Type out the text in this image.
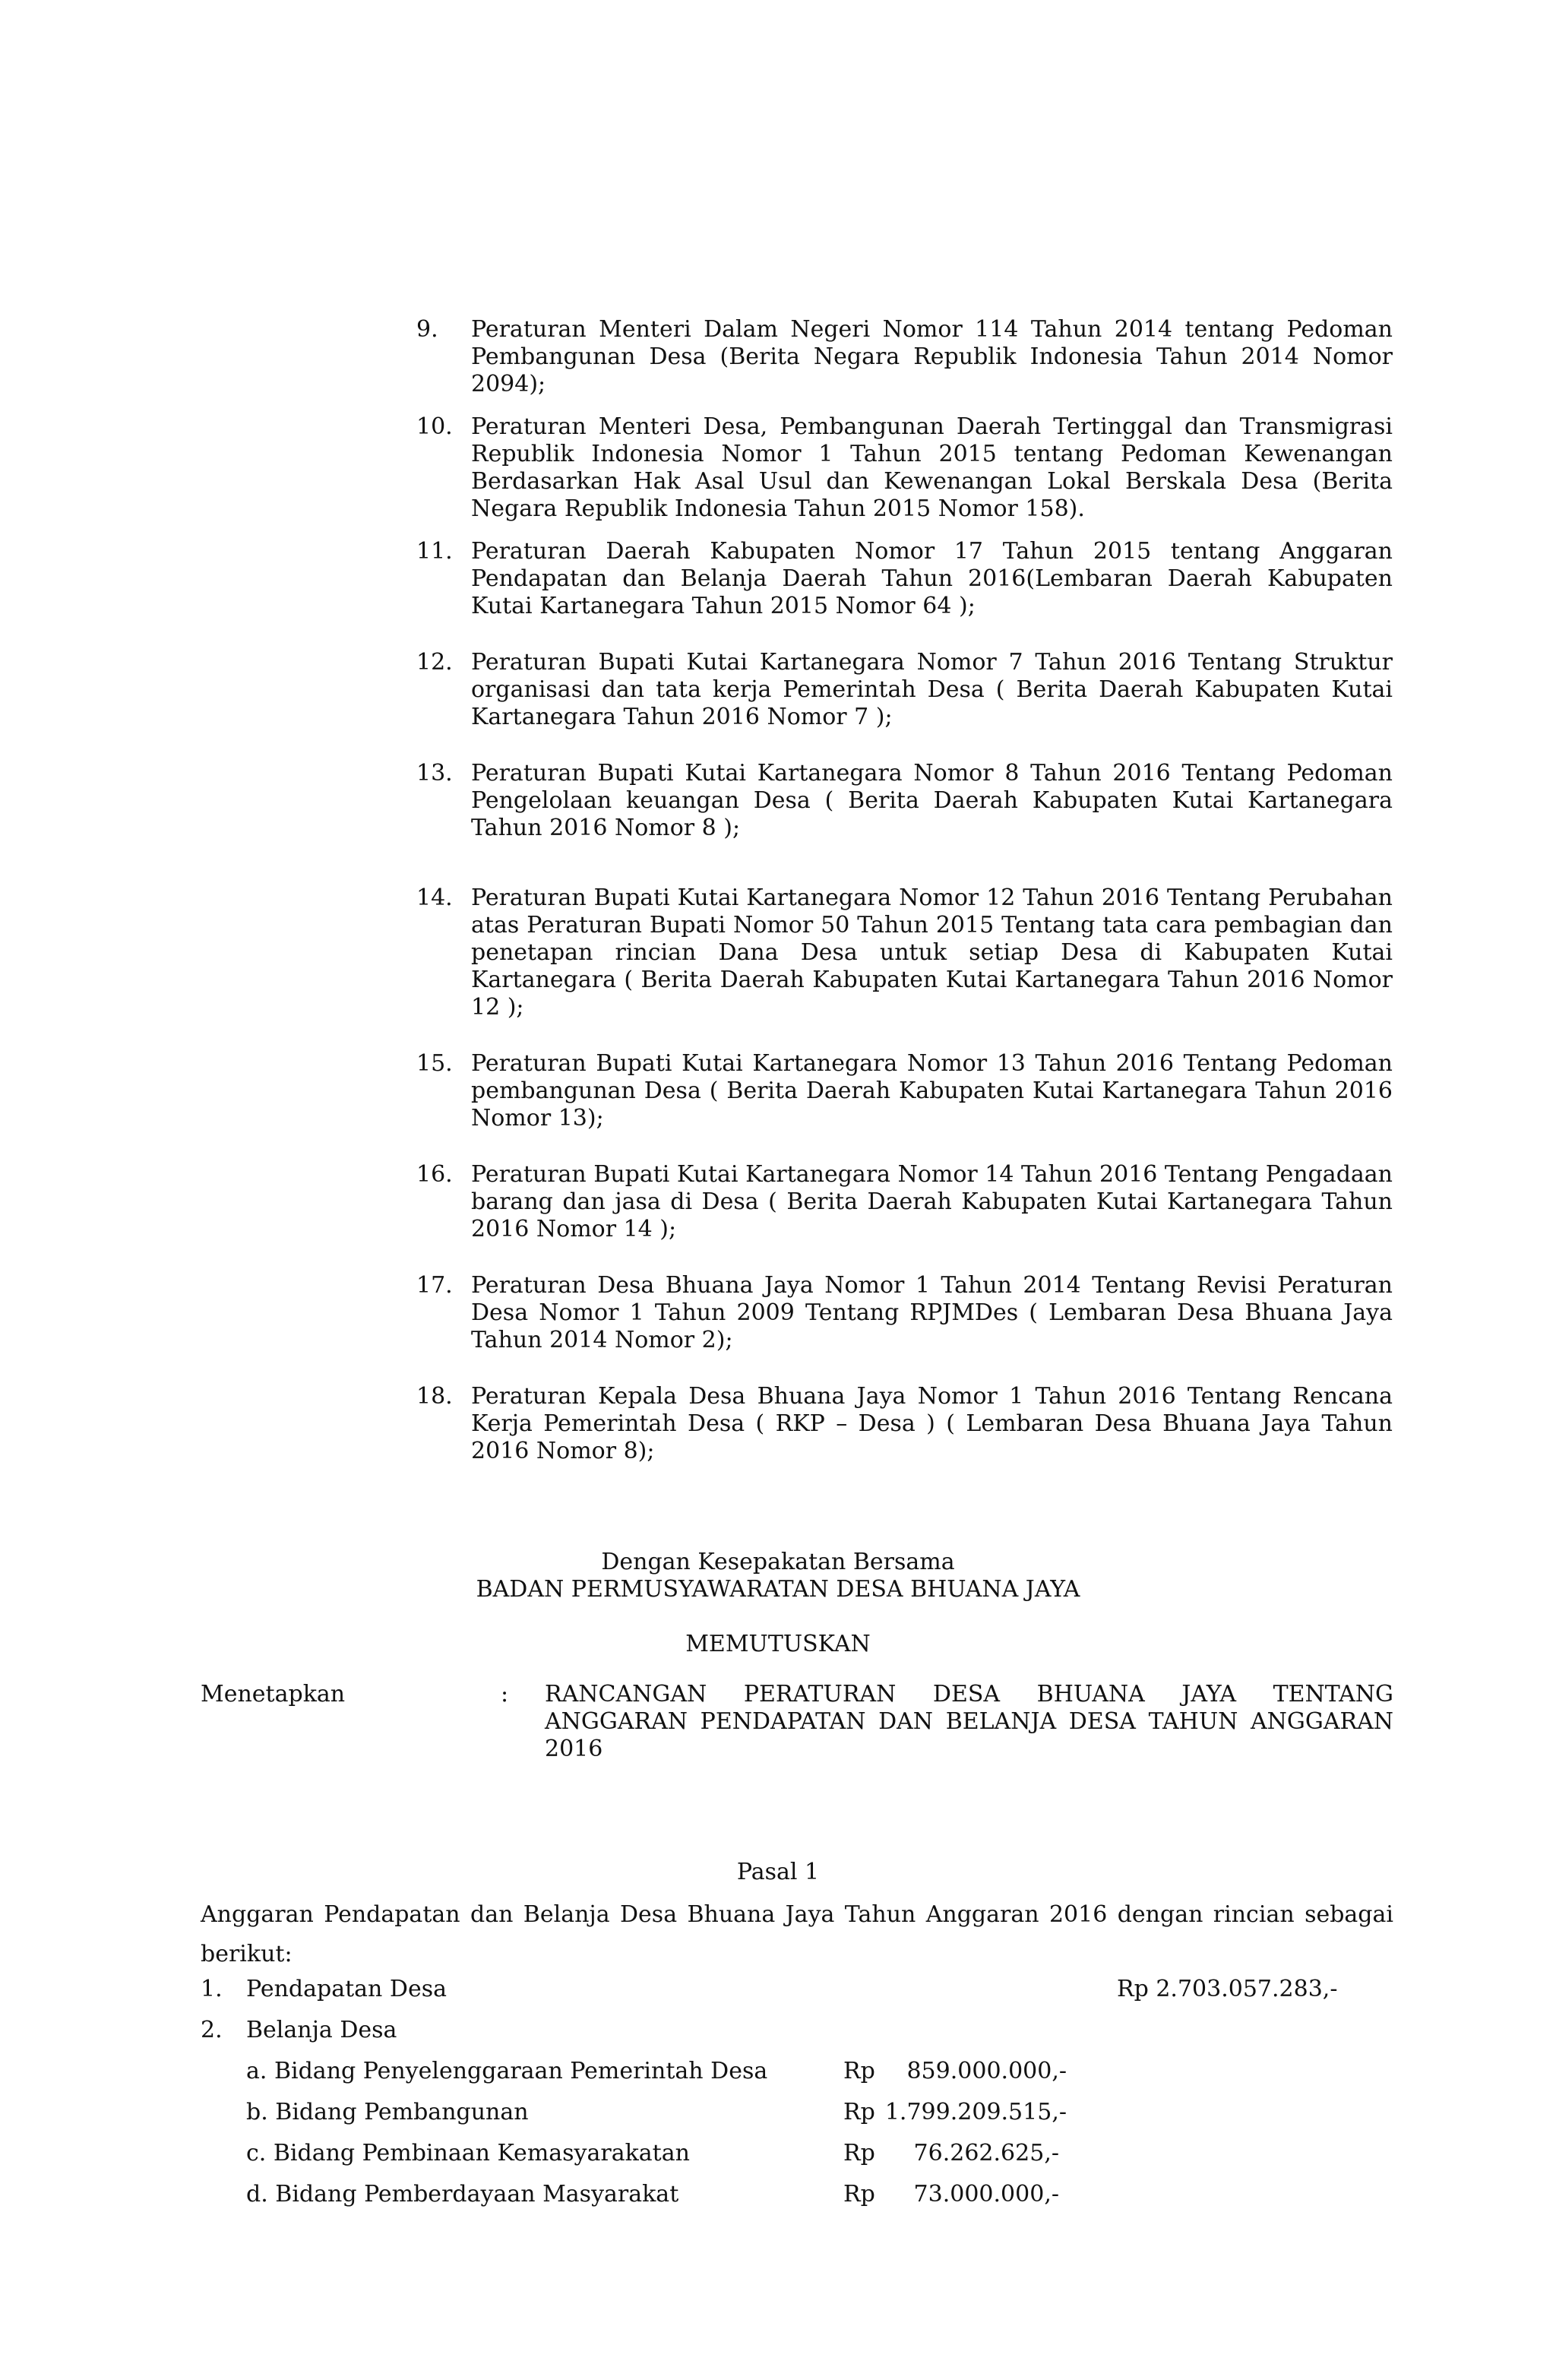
9.	Peraturan Menteri Dalam Negeri Nomor 114 Tahun 2014 tentang Pedoman Pembangunan Desa (Berita Negara Republik Indonesia Tahun 2014 Nomor 2094);
10. Peraturan Menteri Desa, Pembangunan Daerah Tertinggal dan Transmigrasi Republik Indonesia Nomor 1 Tahun 2015 tentang Pedoman Kewenangan Berdasarkan Hak Asal Usul dan Kewenangan Lokal Berskala Desa (Berita Negara Republik Indonesia Tahun 2015 Nomor 158).
11. Peraturan Daerah Kabupaten Nomor 17 Tahun 2015 tentang Anggaran Pendapatan dan Belanja Daerah Tahun 2016(Lembaran Daerah Kabupaten Kutai Kartanegara Tahun 2015 Nomor 64 );
12. Peraturan Bupati Kutai Kartanegara Nomor 7 Tahun 2016 Tentang Struktur organisasi dan tata kerja Pemerintah Desa ( Berita Daerah Kabupaten Kutai Kartanegara Tahun 2016 Nomor 7 );
13. Peraturan Bupati Kutai Kartanegara Nomor 8 Tahun 2016 Tentang Pedoman Pengelolaan keuangan Desa ( Berita Daerah Kabupaten Kutai Kartanegara Tahun 2016 Nomor 8 );
14. Peraturan Bupati Kutai Kartanegara Nomor 12 Tahun 2016 Tentang Perubahan atas Peraturan Bupati Nomor 50 Tahun 2015 Tentang tata cara pembagian dan penetapan rincian Dana Desa untuk setiap Desa di Kabupaten Kutai Kartanegara ( Berita Daerah Kabupaten Kutai Kartanegara Tahun 2016 Nomor 12 );
15. Peraturan Bupati Kutai Kartanegara Nomor 13 Tahun 2016 Tentang Pedoman pembangunan Desa ( Berita Daerah Kabupaten Kutai Kartanegara Tahun 2016 Nomor 13);
16. Peraturan Bupati Kutai Kartanegara Nomor 14 Tahun 2016 Tentang Pengadaan barang dan jasa di Desa ( Berita Daerah Kabupaten Kutai Kartanegara Tahun 2016 Nomor 14 );
17. Peraturan Desa Bhuana Jaya Nomor 1 Tahun 2014 Tentang Revisi Peraturan Desa Nomor 1 Tahun 2009 Tentang RPJMDes ( Lembaran Desa Bhuana Jaya Tahun 2014 Nomor 2);
18. Peraturan Kepala Desa Bhuana Jaya Nomor 1 Tahun 2016 Tentang Rencana Kerja Pemerintah Desa ( RKP – Desa ) ( Lembaran Desa Bhuana Jaya Tahun 2016 Nomor 8);
Dengan Kesepakatan Bersama
BADAN PERMUSYAWARATAN DESA BHUANA JAYA
MEMUTUSKAN
Menetapkan	:	RANCANGAN PERATURAN DESA BHUANA JAYA TENTANG ANGGARAN PENDAPATAN DAN BELANJA DESA TAHUN ANGGARAN 2016
Pasal 1
Anggaran Pendapatan dan Belanja Desa Bhuana Jaya Tahun Anggaran 2016 dengan rincian sebagai berikut:
1. Pendapatan Desa	Rp 2.703.057.283,-
2. Belanja Desa
a. Bidang Penyelenggaraan Pemerintah Desa	Rp 859.000.000,-
b. Bidang Pembangunan	Rp 1.799.209.515,-
c. Bidang Pembinaan Kemasyarakatan	Rp 76.262.625,-
d. Bidang Pemberdayaan Masyarakat	Rp 73.000.000,-
